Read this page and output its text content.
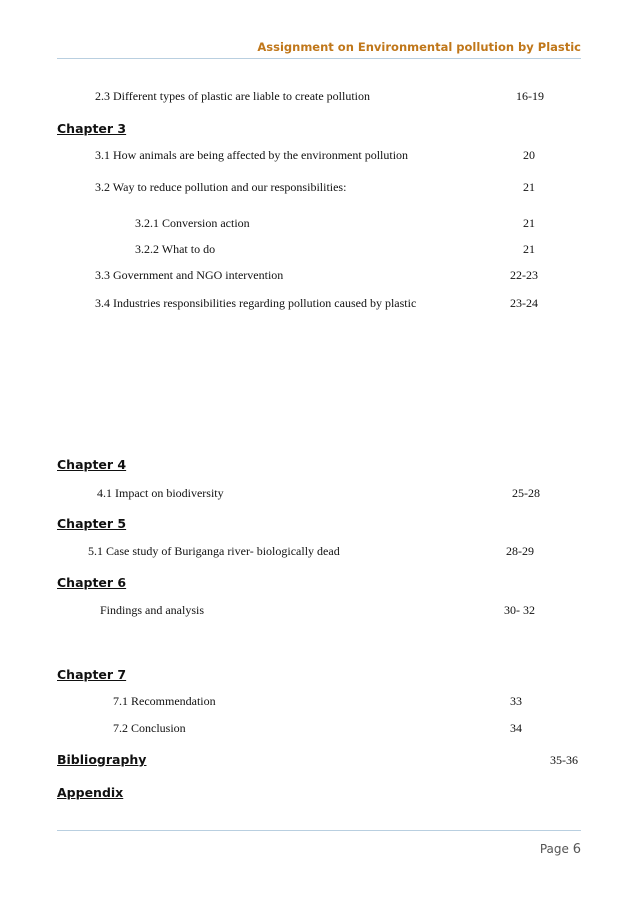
Assignment on Environmental pollution by Plastic
2.3 Different types of plastic are liable to create pollution	16-19
Chapter 3
3.1 How animals are being affected by the environment pollution	20
3.2 Way to reduce pollution and our responsibilities:	21
3.2.1 Conversion action	21
3.2.2 What to do	21
3.3 Government and NGO intervention	22-23
3.4 Industries responsibilities regarding pollution caused by plastic	23-24
Chapter 4
4.1 Impact on biodiversity	25-28
Chapter 5
5.1 Case study of Buriganga river- biologically dead	28-29
Chapter 6
Findings and analysis	30- 32
Chapter 7
7.1 Recommendation	33
7.2 Conclusion	34
Bibliography	35-36
Appendix
Page 6
